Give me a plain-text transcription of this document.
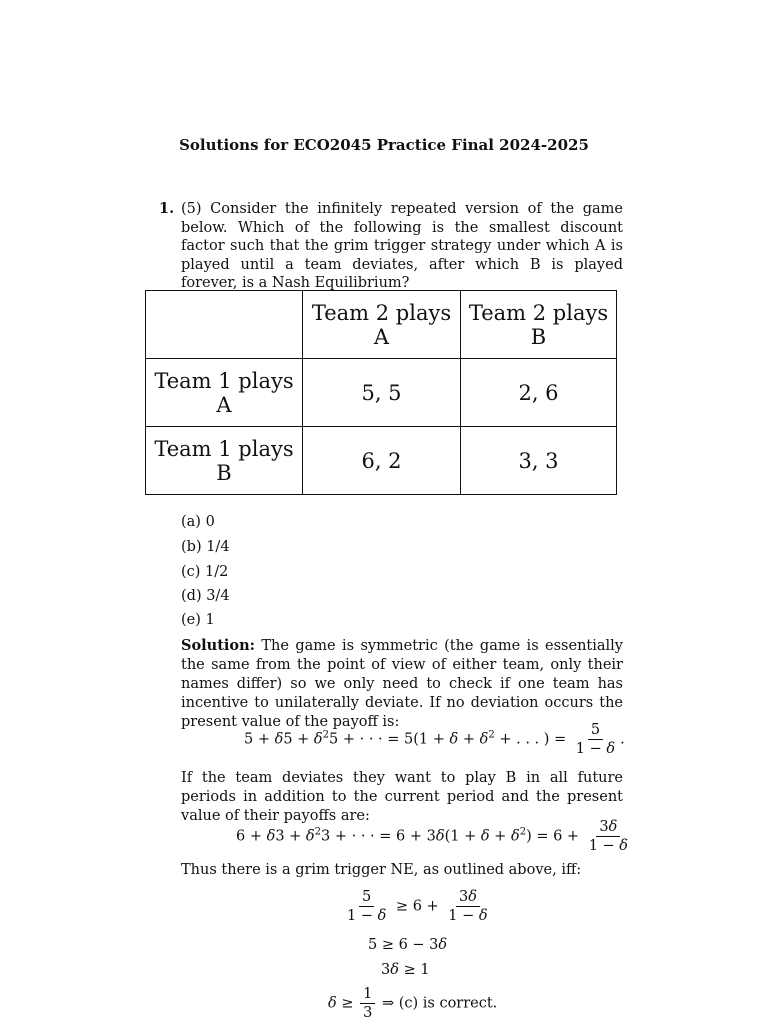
Solutions for ECO2045 Practice Final 2024-2025
1. (5) Consider the infinitely repeated version of the game below. Which of the following is the smallest discount factor such that the grim trigger strategy under which A is played until a team deviates, after which B is played forever, is a Nash Equilibrium?
	Team 2 plays A	Team 2 plays B
Team 1 plays A	5, 5	2, 6
Team 1 plays B	6, 2	3, 3
(a) 0
(b) 1/4
(c) 1/2
(d) 3/4
(e) 1
Solution: The game is symmetric (the game is essentially the same from the point of view of either team, only their names differ) so we only need to check if one team has incentive to unilaterally deviate. If no deviation occurs the present value of the payoff is:
$5 + \delta 5 + \delta^25$ + · · · = $5(1 + \delta + \delta^2$ + . . . ) = $\frac{5}{1 - \delta}$ .
If the team deviates they want to play B in all future periods in addition to the current period and the present value of their payoffs are:
$6 + \delta 3 + \delta^23$ + · · · = $6 + 3\delta(1 + \delta + \delta^2) = 6 + \frac{3\delta}{1 - \delta}$
Thus there is a grim trigger NE, as outlined above, iff:
$\frac{5}{1 - \delta} \ge 6 + \frac{3\delta}{1 - \delta}$
5 ≥ 6 − 3δ
3δ ≥ 1
$\delta \ge \frac{1}{3}$ ⇒ (c) is correct.
